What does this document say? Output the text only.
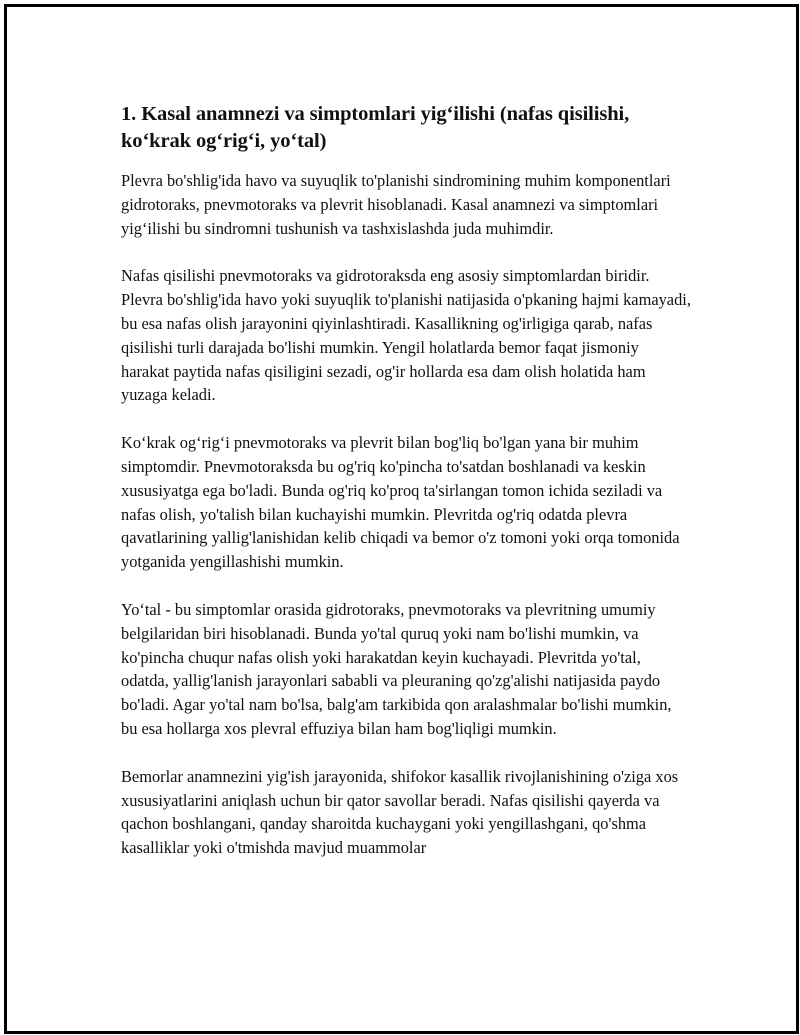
1. Kasal anamnezi va simptomlari yig‘ilishi (nafas qisilishi, ko‘krak og‘rig‘i, yo‘tal)

Plevra bo'shlig'ida havo va suyuqlik to'planishi sindromining muhim komponentlari gidrotoraks, pnevmotoraks va plevrit hisoblanadi. Kasal anamnezi va simptomlari yig‘ilishi bu sindromni tushunish va tashxislashda juda muhimdir.

Nafas qisilishi pnevmotoraks va gidrotoraksda eng asosiy simptomlardan biridir. Plevra bo'shlig'ida havo yoki suyuqlik to'planishi natijasida o'pkaning hajmi kamayadi, bu esa nafas olish jarayonini qiyinlashtiradi. Kasallikning og'irligiga qarab, nafas qisilishi turli darajada bo'lishi mumkin. Yengil holatlarda bemor faqat jismoniy harakat paytida nafas qisiligini sezadi, og'ir hollarda esa dam olish holatida ham yuzaga keladi.

Ko‘krak og‘rig‘i pnevmotoraks va plevrit bilan bog'liq bo'lgan yana bir muhim simptomdir. Pnevmotoraksda bu og'riq ko'pincha to'satdan boshlanadi va keskin xususiyatga ega bo'ladi. Bunda og'riq ko'proq ta'sirlangan tomon ichida seziladi va nafas olish, yo'talish bilan kuchayishi mumkin. Plevritda og'riq odatda plevra qavatlarining yallig'lanishidan kelib chiqadi va bemor o'z tomoni yoki orqa tomonida yotganida yengillashishi mumkin.

Yo‘tal - bu simptomlar orasida gidrotoraks, pnevmotoraks va plevritning umumiy belgilaridan biri hisoblanadi. Bunda yo'tal quruq yoki nam bo'lishi mumkin, va ko'pincha chuqur nafas olish yoki harakatdan keyin kuchayadi. Plevritda yo'tal, odatda, yallig'lanish jarayonlari sababli va pleuraning qo'zg'alishi natijasida paydo bo'ladi. Agar yo'tal nam bo'lsa, balg'am tarkibida qon aralashmalar bo'lishi mumkin, bu esa hollarga xos plevral effuziya bilan ham bog'liqligi mumkin.

Bemorlar anamnezini yig'ish jarayonida, shifokor kasallik rivojlanishining o'ziga xos xususiyatlarini aniqlash uchun bir qator savollar beradi. Nafas qisilishi qayerda va qachon boshlangani, qanday sharoitda kuchaygani yoki yengillashgani, qo'shma kasalliklar yoki o'tmishda mavjud muammolar
